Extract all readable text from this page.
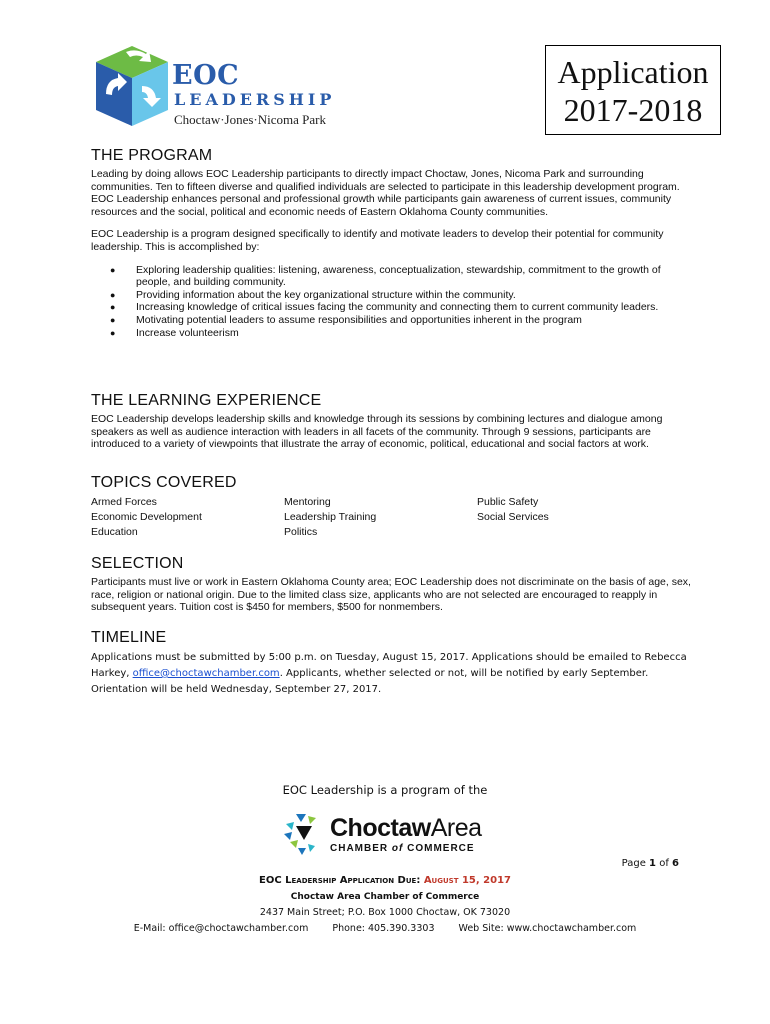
EOC
LEADERSHIP
Choctaw·Jones·Nicoma Park
Application
2017-2018
THE PROGRAM

Leading by doing allows EOC Leadership participants to directly impact Choctaw, Jones, Nicoma Park and surrounding communities. Ten to fifteen diverse and qualified individuals are selected to participate in this leadership development program. EOC Leadership enhances personal and professional growth while participants gain awareness of current issues, community resources and the social, political and economic needs of Eastern Oklahoma County communities.

EOC Leadership is a program designed specifically to identify and motivate leaders to develop their potential for community leadership. This is accomplished by:

● Exploring leadership qualities: listening, awareness, conceptualization, stewardship, commitment to the growth of people, and building community.
● Providing information about the key organizational structure within the community.
● Increasing knowledge of critical issues facing the community and connecting them to current community leaders.
● Motivating potential leaders to assume responsibilities and opportunities inherent in the program
● Increase volunteerism
THE LEARNING EXPERIENCE

EOC Leadership develops leadership skills and knowledge through its sessions by combining lectures and dialogue among speakers as well as audience interaction with leaders in all facets of the community. Through 9 sessions, participants are introduced to a variety of viewpoints that illustrate the array of economic, political, educational and social factors at work.

TOPICS COVERED
Armed Forces
Economic Development
Education
Mentoring
Leadership Training
Politics
Public Safety
Social Services
SELECTION

Participants must live or work in Eastern Oklahoma County area; EOC Leadership does not discriminate on the basis of age, sex, race, religion or national origin. Due to the limited class size, applicants who are not selected are encouraged to reapply in subsequent years. Tuition cost is $450 for members, $500 for nonmembers.

TIMELINE

Applications must be submitted by 5:00 p.m. on Tuesday, August 15, 2017. Applications should be emailed to Rebecca Harkey, office@choctawchamber.com. Applicants, whether selected or not, will be notified by early September. Orientation will be held Wednesday, September 27, 2017.

EOC Leadership is a program of the
ChoctawArea
CHAMBER of COMMERCE
Page 1 of 6
EOC Leadership Application Due: August 15, 2017
Choctaw Area Chamber of Commerce
2437 Main Street; P.O. Box 1000 Choctaw, OK 73020
E-Mail: office@choctawchamber.com	Phone: 405.390.3303	Web Site: www.choctawchamber.com
